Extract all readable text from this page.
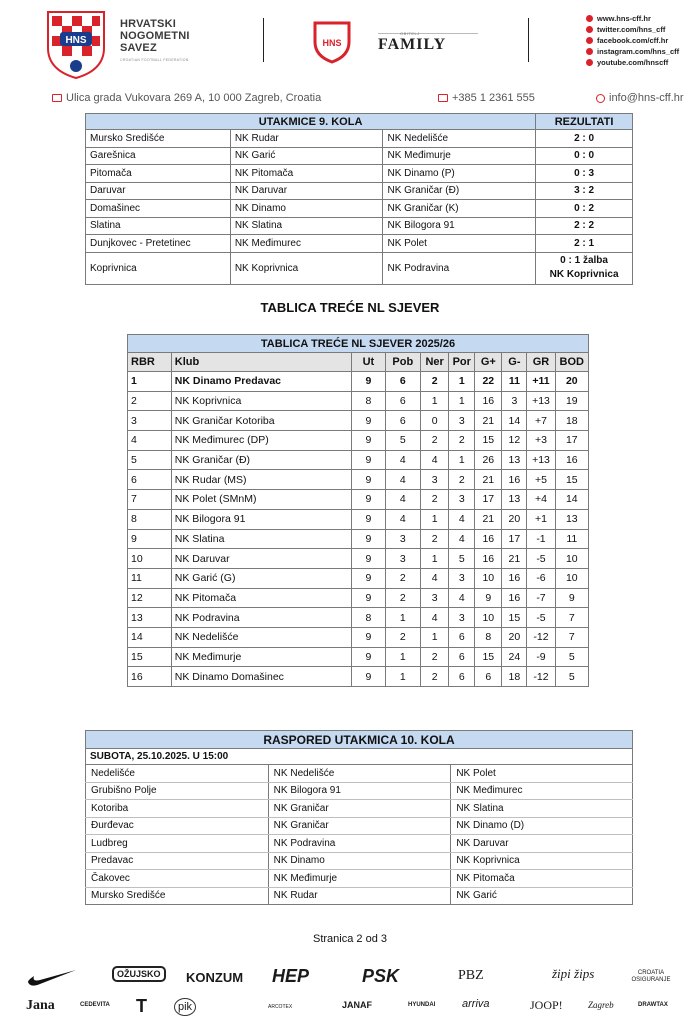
HNS
HRVATSKI
NOGOMETNI
SAVEZ
CROATIAN FOOTBALL FEDERATION
HNS
OBITELJ
FAMILY
www.hns-cff.hr
twitter.com/hns_cff
facebook.com/cff.hr
instagram.com/hns_cff
youtube.com/hnscff
Ulica grada Vukovara 269 A, 10 000 Zagreb, Croatia	+385 1 2361 555	info@hns-cff.hr
UTAKMICE 9. KOLA			REZULTATI
Mursko Središće	NK Rudar	NK Nedelišće	2 : 0
Garešnica	NK Garić	NK Međimurje	0 : 0
Pitomača	NK Pitomača	NK Dinamo (P)	0 : 3
Daruvar	NK Daruvar	NK Graničar (Đ)	3 : 2
Domašinec	NK Dinamo	NK Graničar (K)	0 : 2
Slatina	NK Slatina	NK Bilogora 91	2 : 2
Dunjkovec - Pretetinec	NK Međimurec	NK Polet	2 : 1
Koprivnica	NK Koprivnica	NK Podravina	0 : 1 žalba
NK Koprivnica
TABLICA TREĆE NL SJEVER
TABLICA TREĆE NL SJEVER 2025/26									
RBR	Klub	Ut	Pob	Ner	Por	G+	G-	GR	BOD
1	NK Dinamo Predavac	9	6	2	1	22	11	+11	20
2	NK Koprivnica	8	6	1	1	16	3	+13	19
3	NK Graničar Kotoriba	9	6	0	3	21	14	+7	18
4	NK Međimurec (DP)	9	5	2	2	15	12	+3	17
5	NK Graničar (Đ)	9	4	4	1	26	13	+13	16
6	NK Rudar (MS)	9	4	3	2	21	16	+5	15
7	NK Polet (SMnM)	9	4	2	3	17	13	+4	14
8	NK Bilogora 91	9	4	1	4	21	20	+1	13
9	NK Slatina	9	3	2	4	16	17	-1	11
10	NK Daruvar	9	3	1	5	16	21	-5	10
11	NK Garić (G)	9	2	4	3	10	16	-6	10
12	NK Pitomača	9	2	3	4	9	16	-7	9
13	NK Podravina	8	1	4	3	10	15	-5	7
14	NK Nedelišće	9	2	1	6	8	20	-12	7
15	NK Međimurje	9	1	2	6	15	24	-9	5
16	NK Dinamo Domašinec	9	1	2	6	6	18	-12	5
RASPORED UTAKMICA 10. KOLA		
SUBOTA, 25.10.2025. U 15:00		
Nedelišće	NK Nedelišće	NK Polet
Grubišno Polje	NK Bilogora 91	NK Međimurec
Kotoriba	NK Graničar	NK Slatina
Đurđevac	NK Graničar	NK Dinamo (D)
Ludbreg	NK Podravina	NK Daruvar
Predavac	NK Dinamo	NK Koprivnica
Čakovec	NK Međimurje	NK Pitomača
Mursko Središće	NK Rudar	NK Garić
Stranica 2 od 3
OŽUJSKO	KONZUM HEP	PSK	PBZ	žipi žips	CROATIA OSIGURANJE
Jana	CEDEVITA T	pik	ARCOTEX	JANAF	HYUNDAI arriva	JOOP!	Zagreb	DRAWTAX
